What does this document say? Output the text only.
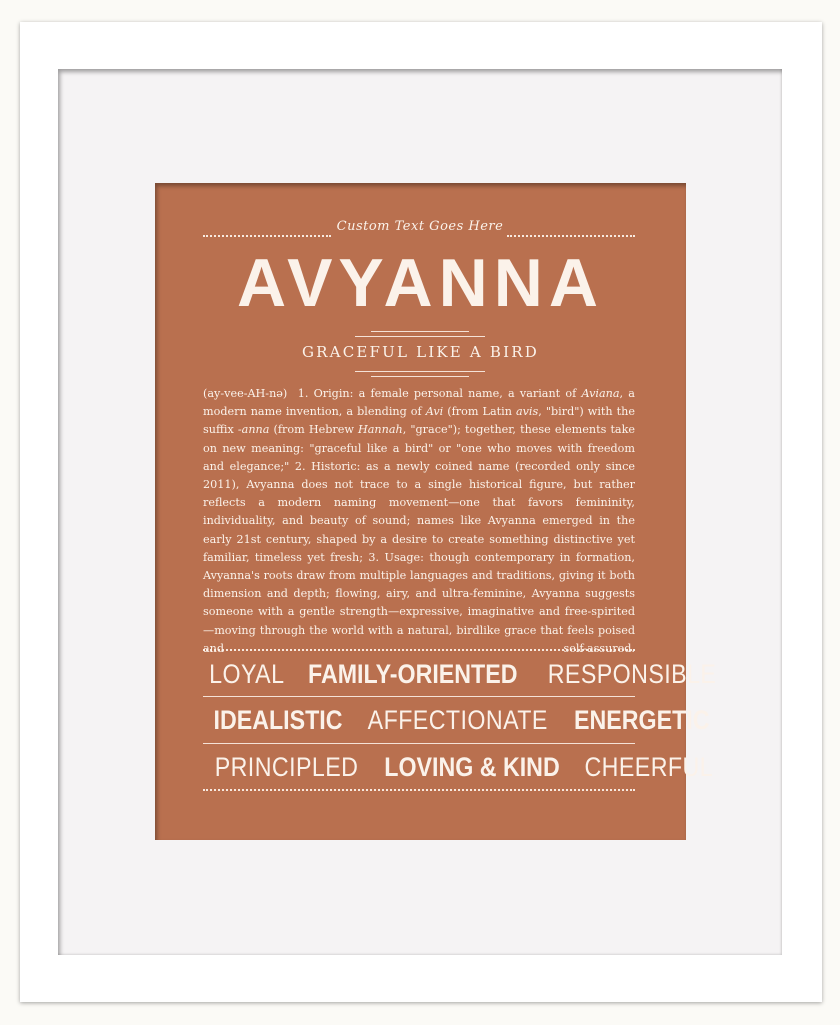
Custom Text Goes Here
AVYANNA
GRACEFUL LIKE A BIRD
(ay-vee-AH-nə) 1. Origin: a female personal name, a variant of Aviana, a modern name invention, a blending of Avi (from Latin avis, "bird") with the suffix -anna (from Hebrew Hannah, "grace"); together, these elements take on new meaning: "graceful like a bird" or "one who moves with freedom and elegance;" 2. Historic: as a newly coined name (recorded only since 2011), Avyanna does not trace to a single historical figure, but rather reflects a modern naming movement—one that favors femininity, individuality, and beauty of sound; names like Avyanna emerged in the early 21st century, shaped by a desire to create something distinctive yet familiar, timeless yet fresh; 3. Usage: though contemporary in formation, Avyanna's roots draw from multiple languages and traditions, giving it both dimension and depth; flowing, airy, and ultra-feminine, Avyanna suggests someone with a gentle strength—expressive, imaginative and free-spirited—moving through the world with a natural, birdlike grace that feels poised and self-assured.
LOYAL FAMILY-ORIENTED RESPONSIBLE
IDEALISTIC AFFECTIONATE ENERGETIC
PRINCIPLED LOVING & KIND CHEERFUL
